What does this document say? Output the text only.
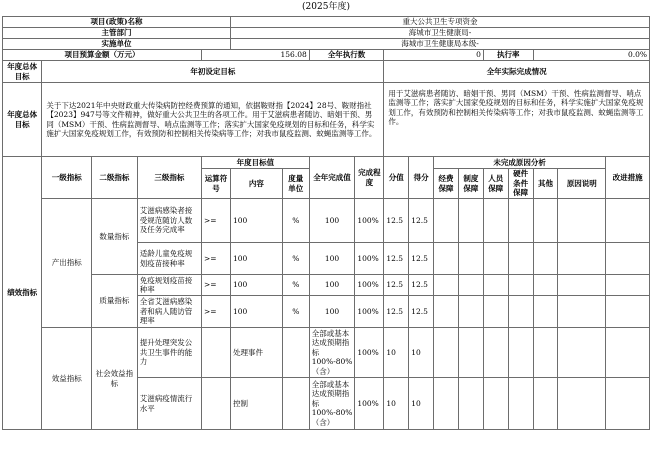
(2025年度)																	
项目(政策)名称					重大公共卫生专项资金												
主管部门					海城市卫生健康局-												
实施单位					海城市卫生健康局本级-												
项目预算金额（万元）				156.08			全年执行数		0				执行率		0.0%		
年度总体目标	年初设定目标								全年实际完成情况								
年度总体目标	关于下达2021年中央财政重大传染病防控经费预算的通知，依据鞍财指【2024】28号、鞍财指社【2023】947号等文件精神，做好重大公共卫生的各项工作。用于艾滋病患者随访、暗娼干预、男同（MSM）干预、性病监测督导、哨点监测等工作；落实扩大国家免疫规划的目标和任务，科学实施扩大国家免疫规划工作，有效预防和控制相关传染病等工作；对我市鼠疫监测、蚊蝇监测等工作。								用于艾滋病患者随访、暗娼干预、男同（MSM）干预、性病监测督导、哨点监测等工作；落实扩大国家免疫规划的目标和任务，科学实施扩大国家免疫规划工作，有效预防和控制相关传染病等工作；对我市鼠疫监测、蚊蝇监测等工作。								
绩效指标	一级指标	二级指标	三级指标	年度目标值			全年完成值	完成程度	分值	得分	未完成原因分析						改进措施
				运算符号	内容	度量单位					经费保障	制度保障	人员保障	硬件条件保障	其他	原因说明	
	产出指标	数量指标	艾滋病感染者接受规范随访人数及任务完成率	>=	100	%	100	100%	12.5	12.5							
			适龄儿童免疫规划疫苗接种率	>=	100	%	100	100%	12.5	12.5							
		质量指标	免疫规划疫苗接种率	>=	100	%	100	100%	12.5	12.5							
			全省艾滋病感染者和病人随访管理率	>=	100	%	100	100%	12.5	12.5							
	效益指标	社会效益指标	提升处理突发公共卫生事件的能力		处理事件		全部或基本达成预期指标100%-80%（含）	100%	10	10							
			艾滋病疫情流行水平		控制		全部或基本达成预期指标100%-80%（含）	100%	10	10							
